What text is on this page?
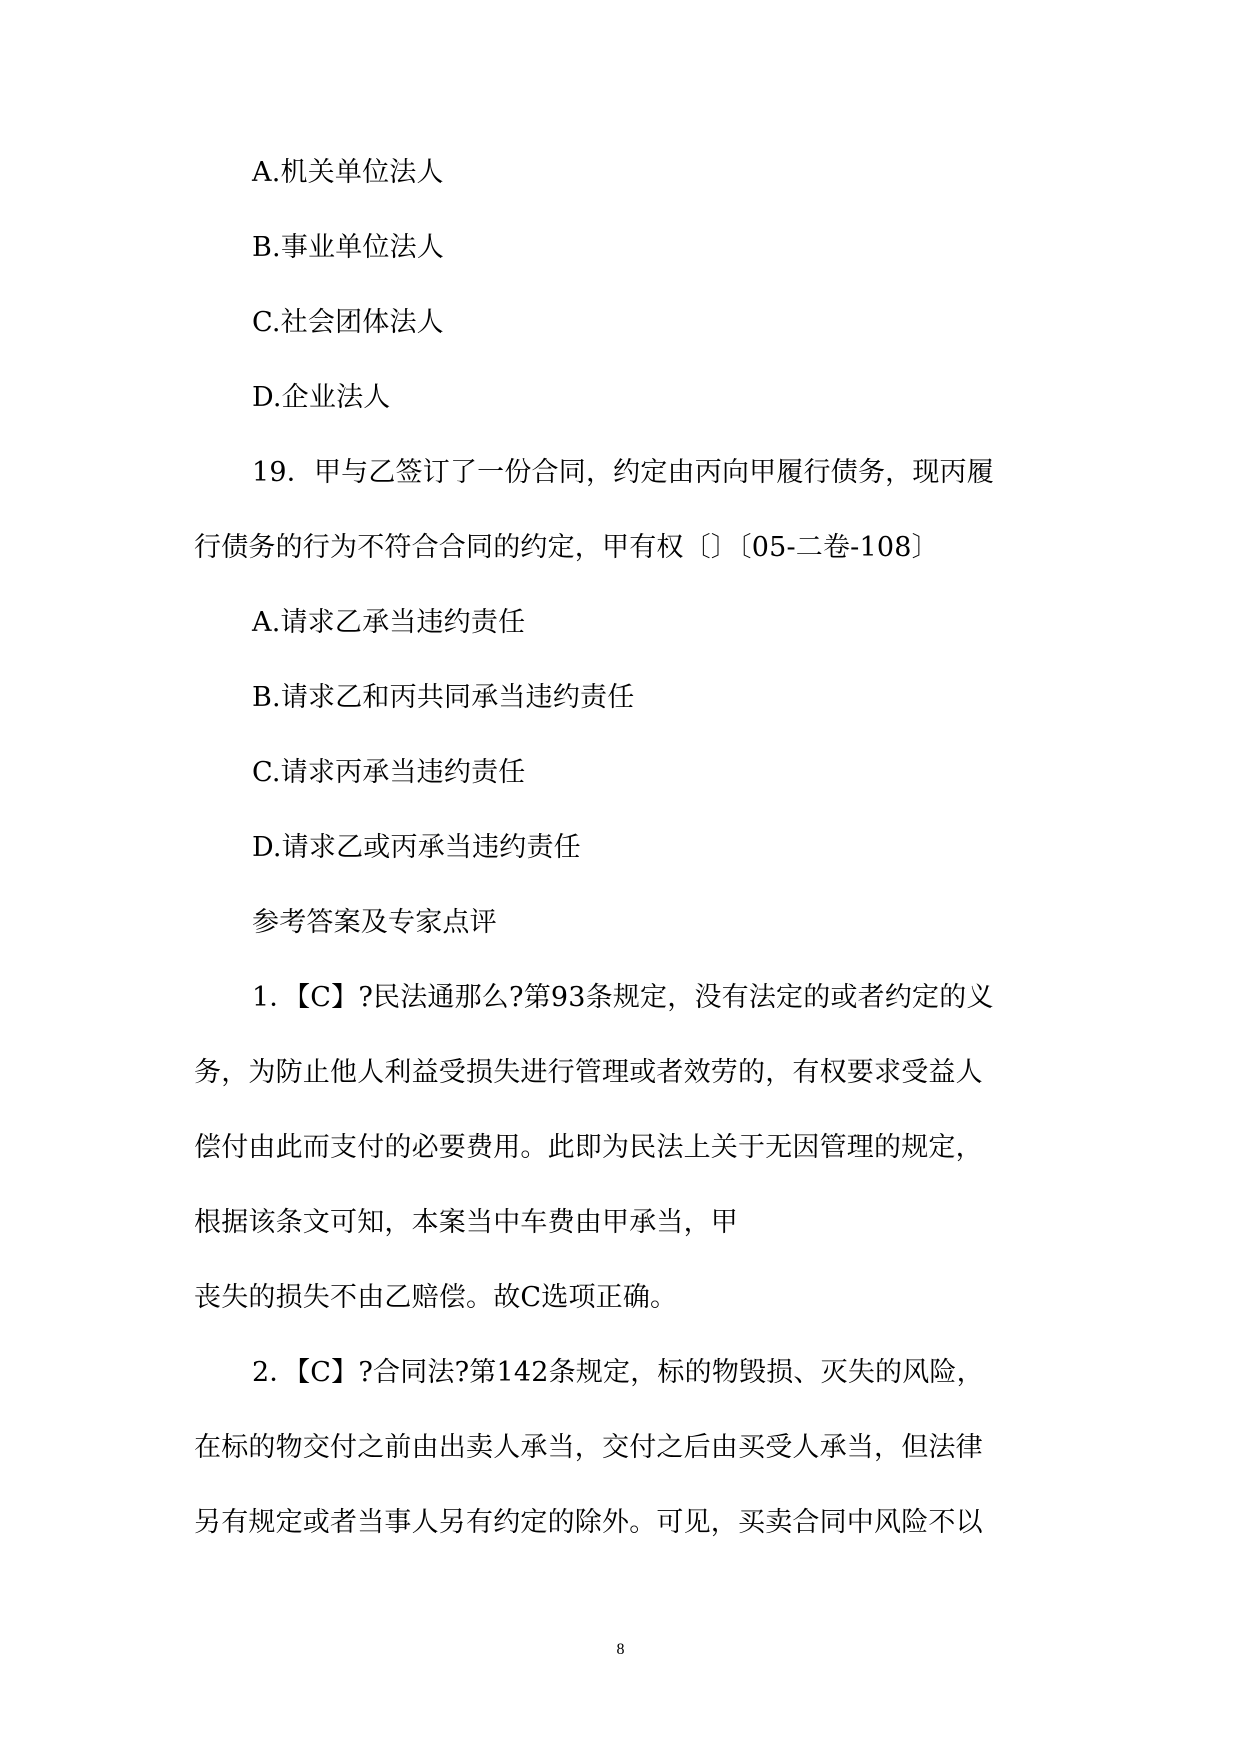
A.机关单位法人
B.事业单位法人
C.社会团体法人
D.企业法人
19．甲与乙签订了一份合同，约定由丙向甲履行债务，现丙履
行债务的行为不符合合同的约定，甲有权〔〕〔05-二卷-108〕
A.请求乙承当违约责任
B.请求乙和丙共同承当违约责任
C.请求丙承当违约责任
D.请求乙或丙承当违约责任
参考答案及专家点评
1．【C】?民法通那么?第93条规定，没有法定的或者约定的义
务，为防止他人利益受损失进行管理或者效劳的，有权要求受益人
偿付由此而支付的必要费用。此即为民法上关于无因管理的规定，
根据该条文可知，本案当中车费由甲承当，甲
丧失的损失不由乙赔偿。故C选项正确。
2．【C】?合同法?第142条规定，标的物毁损、灭失的风险，
在标的物交付之前由出卖人承当，交付之后由买受人承当，但法律
另有规定或者当事人另有约定的除外。可见，买卖合同中风险不以
8
